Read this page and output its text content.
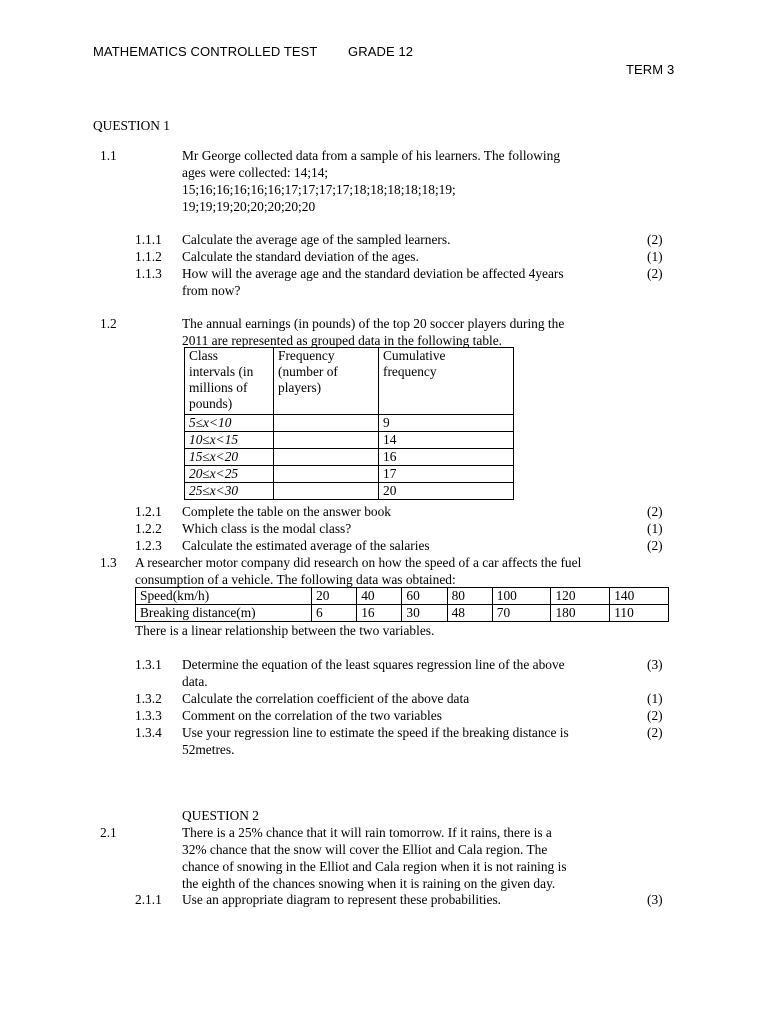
MATHEMATICS CONTROLLED TEST GRADE 12
TERM 3
QUESTION 1
1.1	Mr George collected data from a sample of his learners. The following
ages were collected: 14;14;
15;16;16;16;16;16;17;17;17;17;18;18;18;18;18;19;
19;19;19;20;20;20;20;20
1.1.1 Calculate the average age of the sampled learners.	(2)
1.1.2 Calculate the standard deviation of the ages.	(1)
1.1.3 How will the average age and the standard deviation be affected 4years
from now?
(2)
1.2	The annual earnings (in pounds) of the top 20 soccer players during the
2011 are represented as grouped data in the following table.
Class
intervals (in
millions of
pounds)	Frequency
(number of
players)	Cumulative
frequency
5≤x<10		9
10≤x<15		14
15≤x<20		16
20≤x<25		17
25≤x<30		20
1.2.1 Complete the table on the answer book	(2)
1.2.2 Which class is the modal class?	(1)
1.2.3 Calculate the estimated average of the salaries	(2)
1.3 A researcher motor company did research on how the speed of a car affects the fuel
consumption of a vehicle. The following data was obtained:
Speed(km/h)	20	40	60	80	100	120	140
Breaking distance(m)	6	16	30	48	70	180	110
There is a linear relationship between the two variables.
1.3.1 Determine the equation of the least squares regression line of the above
data.
(3)
1.3.2 Calculate the correlation coefficient of the above data	(1)
1.3.3 Comment on the correlation of the two variables	(2)
1.3.4 Use your regression line to estimate the speed if the breaking distance is
52metres.
(2)
QUESTION 2
2.1	There is a 25% chance that it will rain tomorrow. If it rains, there is a
32% chance that the snow will cover the Elliot and Cala region. The
chance of snowing in the Elliot and Cala region when it is not raining is
the eighth of the chances snowing when it is raining on the given day.
2.1.1 Use an appropriate diagram to represent these probabilities.	(3)
